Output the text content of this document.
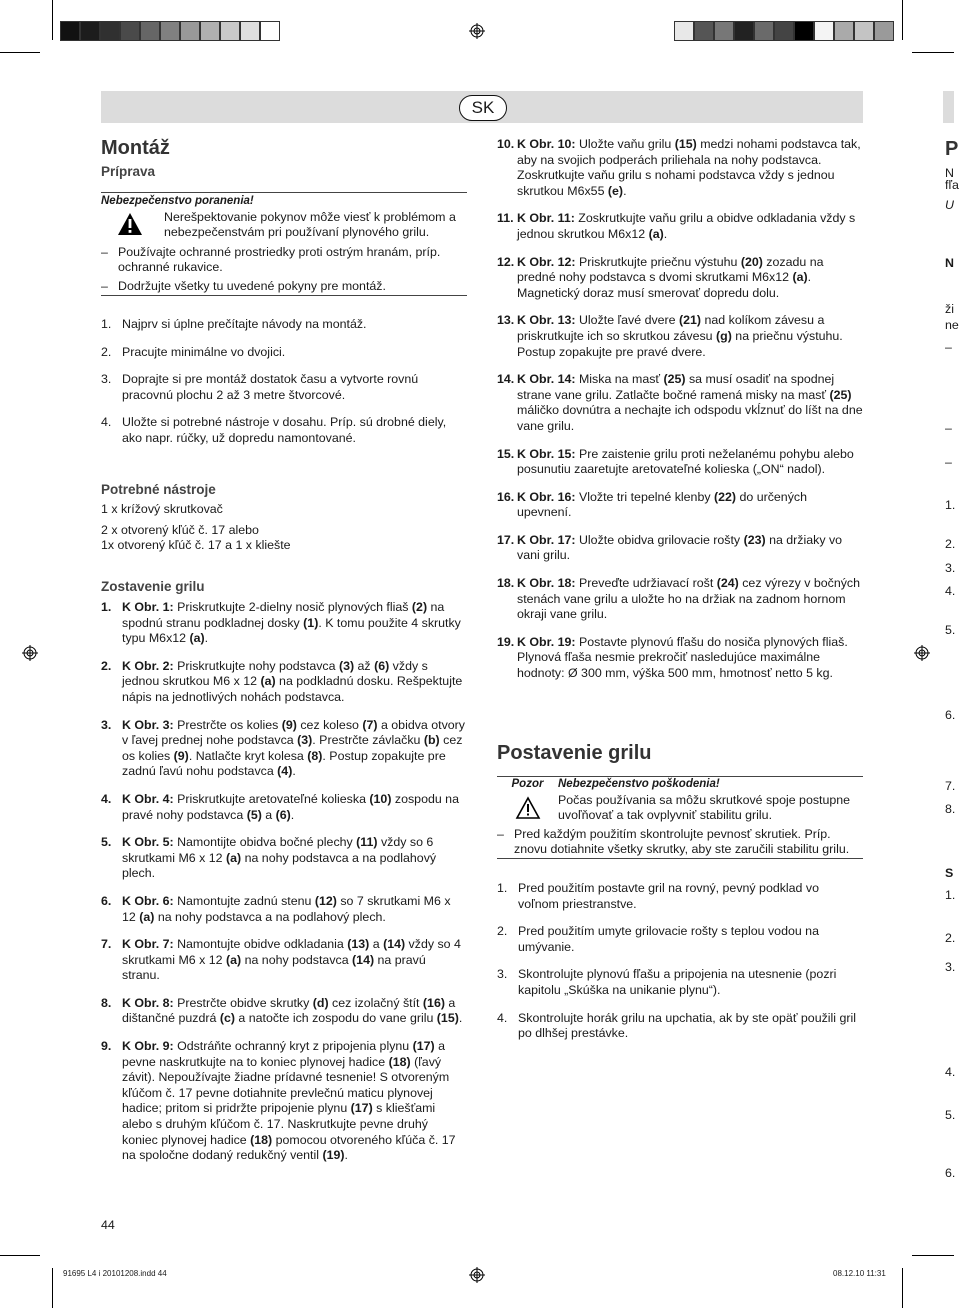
SK
Montáž
Príprava

Nebezpečenstvo poranenia!

Nerešpektovanie pokynov môže viesť k problémom a nebezpečenstvám pri používaní plynového grilu.

– Používajte ochranné prostriedky proti ostrým hranám, príp. ochranné rukavice.
– Dodržujte všetky tu uvedené pokyny pre montáž.
1. Najprv si úplne prečítajte návody na montáž.
2. Pracujte minimálne vo dvojici.
3. Doprajte si pre montáž dostatok času a vytvorte rovnú pracovnú plochu 2 až 3 metre štvorcové.
4. Uložte si potrebné nástroje v dosahu. Príp. sú drobné diely, ako napr. rúčky, už dopredu namontované.
Potrebné nástroje

1 x krížový skrutkovač

2 x otvorený kľúč č. 17 alebo

1x otvorený kľúč č. 17 a 1 x kliešte

Zostavenie grilu
1. K Obr. 1: Priskrutkujte 2-dielny nosič plynových fliaš (2) na spodnú stranu podkladnej dosky (1). K tomu použite 4 skrutky typu M6x12 (a).
2. K Obr. 2: Priskrutkujte nohy podstavca (3) až (6) vždy s jednou skrutkou M6 x 12 (a) na podkladnú dosku. Rešpektujte nápis na jednotlivých nohách podstavca.
3. K Obr. 3: Prestrčte os kolies (9) cez koleso (7) a obidva otvory v ľavej prednej nohe podstavca (3). Prestrčte závlačku (b) cez os kolies (9). Natlačte kryt kolesa (8). Postup zopakujte pre zadnú ľavú nohu podstavca (4).
4. K Obr. 4: Priskrutkujte aretovateľné kolieska (10) zospodu na pravé nohy podstavca (5) a (6).
5. K Obr. 5: Namontijte obidva bočné plechy (11) vždy so 6 skrutkami M6 x 12 (a) na nohy podstavca a na podlahový plech.
6. K Obr. 6: Namontujte zadnú stenu (12) so 7 skrutkami M6 x 12 (a) na nohy podstavca a na podlahový plech.
7. K Obr. 7: Namontujte obidve odkladania (13) a (14) vždy so 4 skrutkami M6 x 12 (a) na nohy podstavca (14) na pravú stranu.
8. K Obr. 8: Prestrčte obidve skrutky (d) cez izolačný štít (16) a dištančné puzdrá (c) a natočte ich zospodu do vane grilu (15).
9. K Obr. 9: Odstráňte ochranný kryt z pripojenia plynu (17) a pevne naskrutkujte na to koniec plynovej hadice (18) (ľavý závit). Nepoužívajte žiadne prídavné tesnenie! S otvoreným kľúčom č. 17 pevne dotiahnite prevlečnú maticu plynovej hadice; pritom si pridržte pripojenie plynu (17) s kliešťami alebo s druhým kľúčom č. 17. Naskrutkujte pevne druhý koniec plynovej hadice (18) pomocou otvoreného kľúča č. 17 na spoločne dodaný redukčný ventil (19).
10. K Obr. 10: Uložte vaňu grilu (15) medzi nohami podstavca tak, aby na svojich podperách priliehala na nohy podstavca. Zoskrutkujte vaňu grilu s nohami podstavca vždy s jednou skrutkou M6x55 (e).
11. K Obr. 11: Zoskrutkujte vaňu grilu a obidve odkladania vždy s jednou skrutkou M6x12 (a).
12. K Obr. 12: Priskrutkujte priečnu výstuhu (20) zozadu na predné nohy podstavca s dvomi skrutkami M6x12 (a). Magnetický doraz musí smerovať dopredu dolu.
13. K Obr. 13: Uložte ľavé dvere (21) nad kolíkom závesu a priskrutkujte ich so skrutkou závesu (g) na priečnu výstuhu. Postup zopakujte pre pravé dvere.
14. K Obr. 14: Miska na masť (25) sa musí osadiť na spodnej strane vane grilu. Zatlačte bočné ramená misky na masť (25) máličko dovnútra a nechajte ich odspodu vkĺznuť do líšt na dne vane grilu.
15. K Obr. 15: Pre zaistenie grilu proti neželanému pohybu alebo posunutiu zaaretujte aretovateľné kolieska („ON“ nadol).
16. K Obr. 16: Vložte tri tepelné klenby (22) do určených upevnení.
17. K Obr. 17: Uložte obidva grilovacie rošty (23) na držiaky vo vani grilu.
18. K Obr. 18: Preveďte udržiavací rošt (24) cez výrezy v bočných stenách vane grilu a uložte ho na držiak na zadnom hornom okraji vane grilu.
19. K Obr. 19: Postavte plynovú fľašu do nosiča plynových fliaš. Plynová fľaša nesmie prekročiť nasledujúce maximálne hodnoty: Ø 300 mm, výška 500 mm, hmotnosť netto 5 kg.
Postavenie grilu
Pozor	Nebezpečenstvo poškodenia!

Počas používania sa môžu skrutkové spoje postupne uvoľňovať a tak ovplyvniť stabilitu grilu.

– Pred každým použitím skontrolujte pevnosť skrutiek. Príp. znovu dotiahnite všetky skrutky, aby ste zaručili stabilitu grilu.
1. Pred použitím postavte gril na rovný, pevný podklad vo voľnom priestranstve.
2. Pred použitím umyte grilovacie rošty s teplou vodou na umývanie.
3. Skontrolujte plynovú fľašu a pripojenia na utesnenie (pozri kapitolu „Skúška na unikanie plynu“).
4. Skontrolujte horák grilu na upchatia, ak by ste opäť použili gril po dlhšej prestávke.
P
N
fľa
U
N
ži
ne
–
–
–
1.
2.
3.
4.
5.
6.
7.
8.
S
1.
2.
3.
4.
5.
6.
44
91695 L4 i 20101208.indd 44	08.12.10 11:31
